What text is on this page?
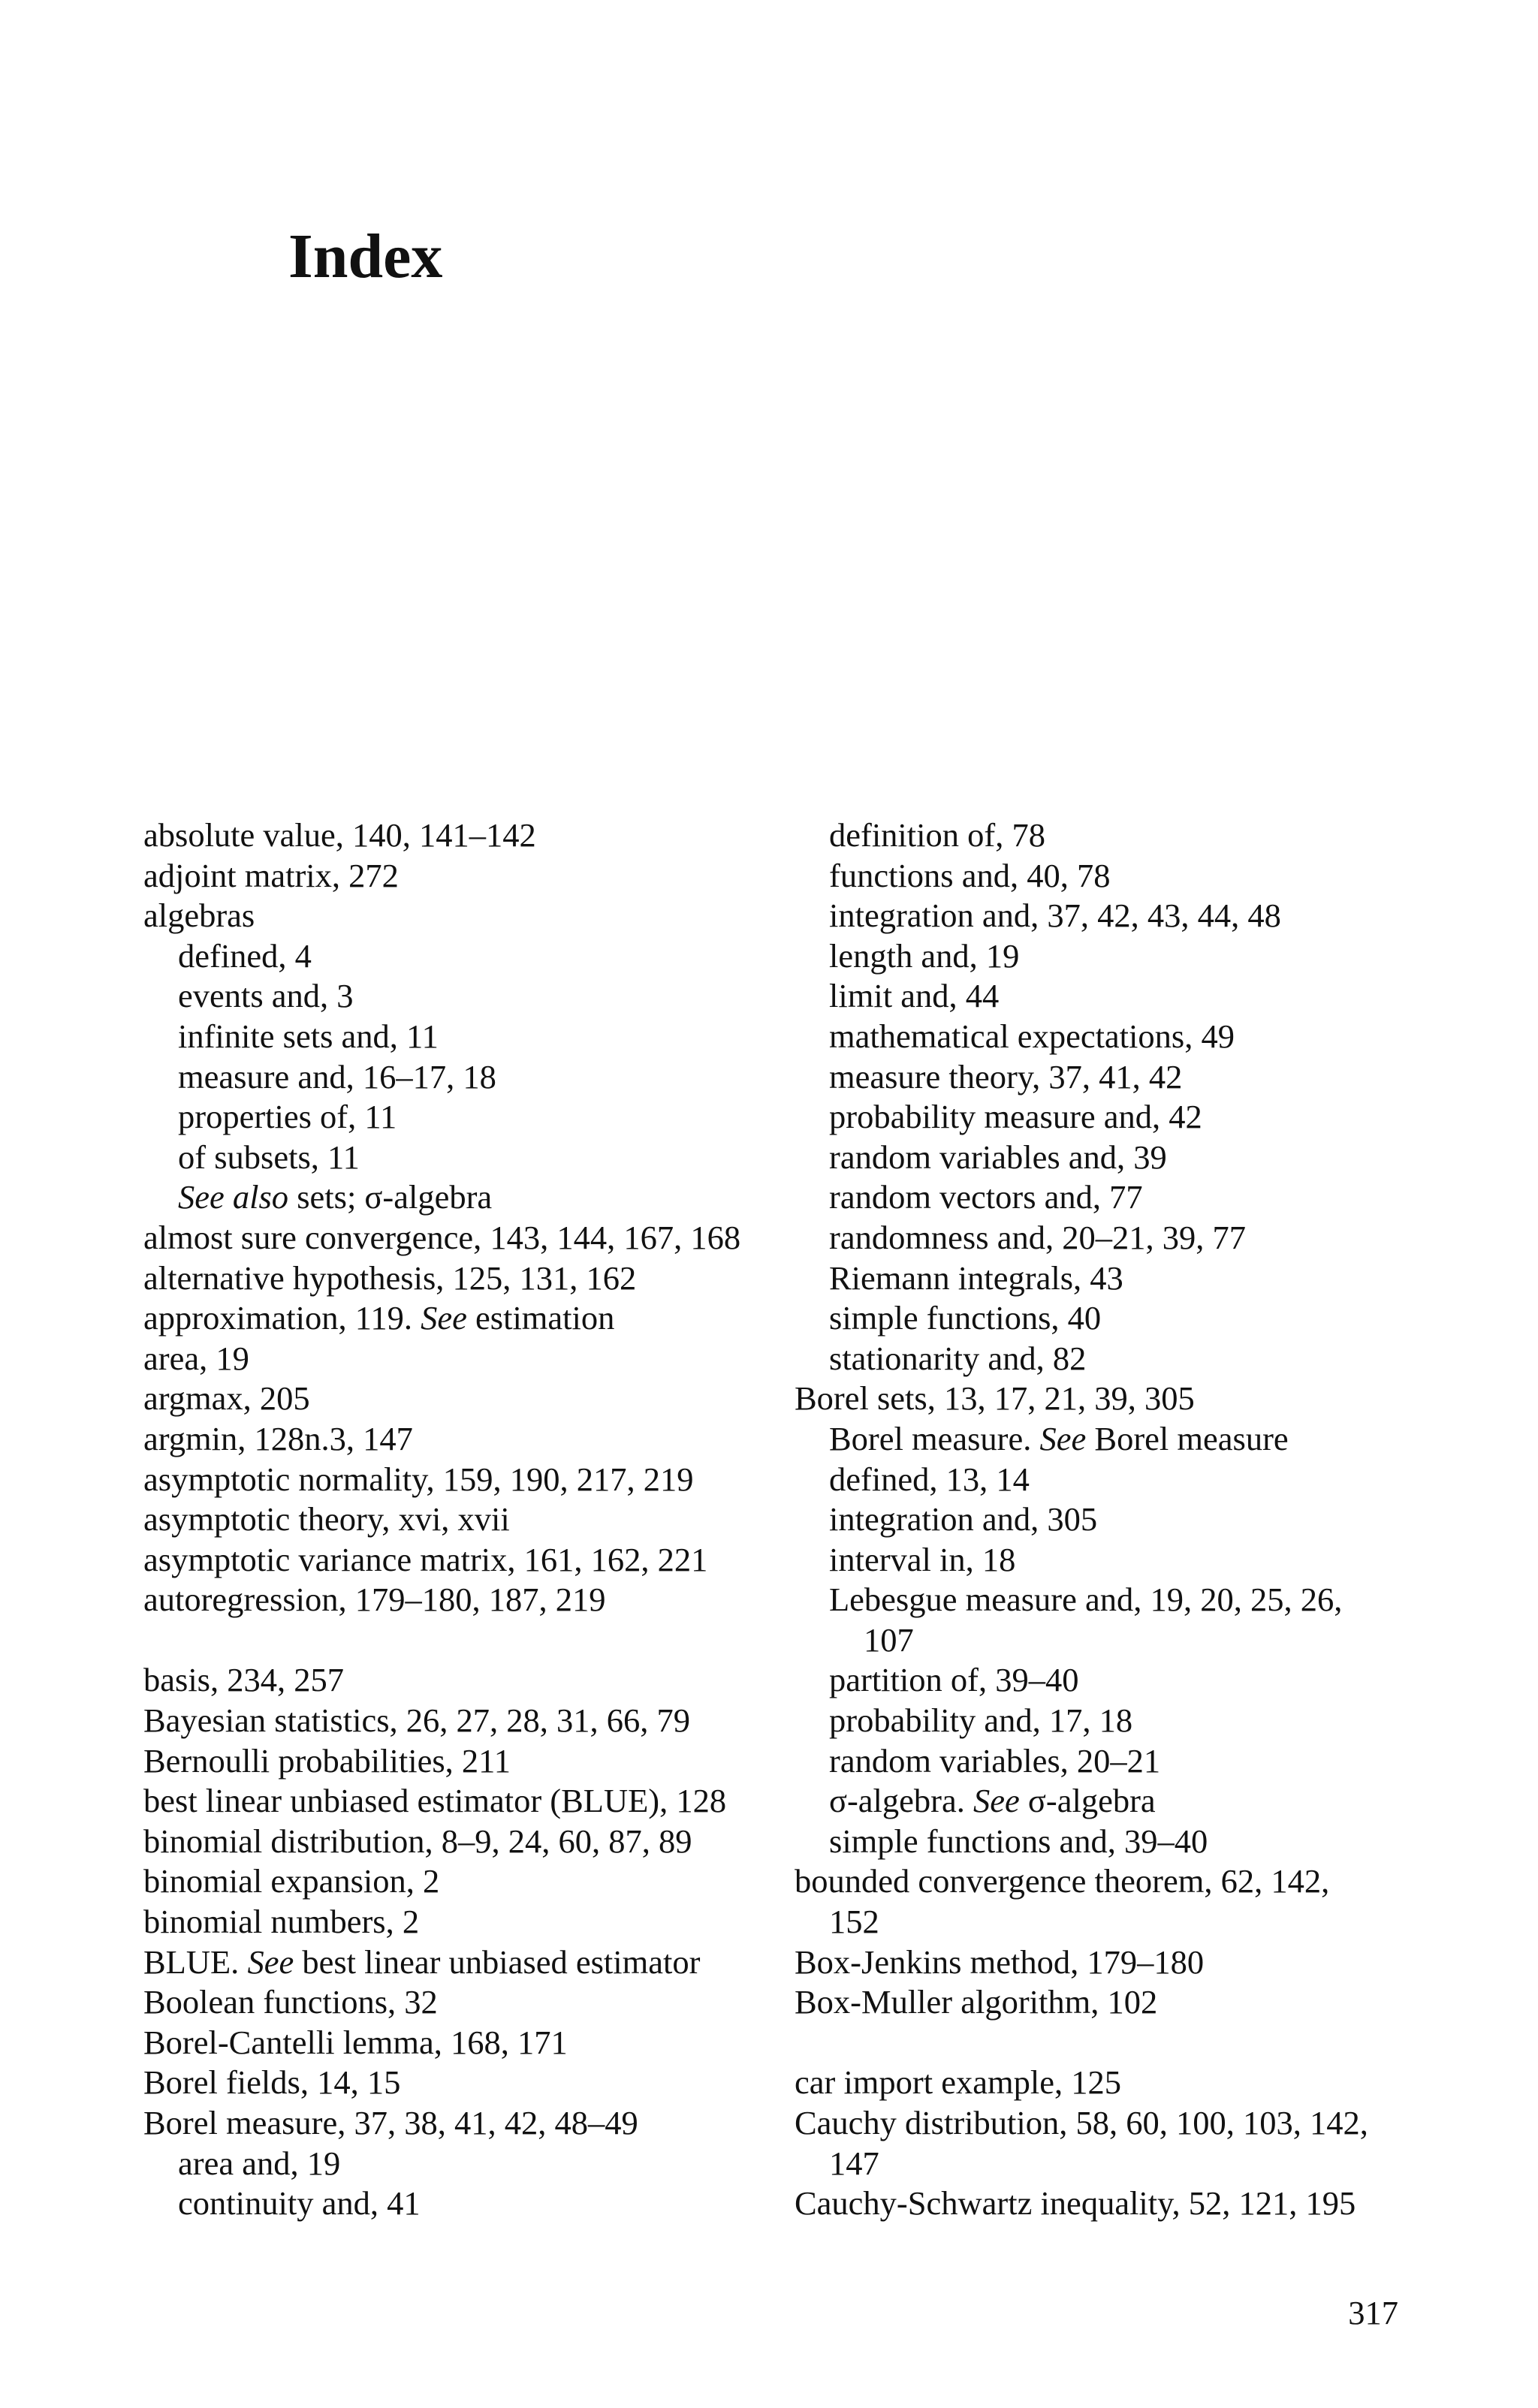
Index
absolute value, 140, 141–142
adjoint matrix, 272
algebras
defined, 4
events and, 3
infinite sets and, 11
measure and, 16–17, 18
properties of, 11
of subsets, 11
See also sets; σ-algebra
almost sure convergence, 143, 144, 167, 168
alternative hypothesis, 125, 131, 162
approximation, 119. See estimation
area, 19
argmax, 205
argmin, 128n.3, 147
asymptotic normality, 159, 190, 217, 219
asymptotic theory, xvi, xvii
asymptotic variance matrix, 161, 162, 221
autoregression, 179–180, 187, 219
basis, 234, 257
Bayesian statistics, 26, 27, 28, 31, 66, 79
Bernoulli probabilities, 211
best linear unbiased estimator (BLUE), 128
binomial distribution, 8–9, 24, 60, 87, 89
binomial expansion, 2
binomial numbers, 2
BLUE. See best linear unbiased estimator
Boolean functions, 32
Borel-Cantelli lemma, 168, 171
Borel fields, 14, 15
Borel measure, 37, 38, 41, 42, 48–49
area and, 19
continuity and, 41
definition of, 78
functions and, 40, 78
integration and, 37, 42, 43, 44, 48
length and, 19
limit and, 44
mathematical expectations, 49
measure theory, 37, 41, 42
probability measure and, 42
random variables and, 39
random vectors and, 77
randomness and, 20–21, 39, 77
Riemann integrals, 43
simple functions, 40
stationarity and, 82
Borel sets, 13, 17, 21, 39, 305
Borel measure. See Borel measure
defined, 13, 14
integration and, 305
interval in, 18
Lebesgue measure and, 19, 20, 25, 26,
107
partition of, 39–40
probability and, 17, 18
random variables, 20–21
σ-algebra. See σ-algebra
simple functions and, 39–40
bounded convergence theorem, 62, 142,
152
Box-Jenkins method, 179–180
Box-Muller algorithm, 102
car import example, 125
Cauchy distribution, 58, 60, 100, 103, 142,
147
Cauchy-Schwartz inequality, 52, 121, 195
317
